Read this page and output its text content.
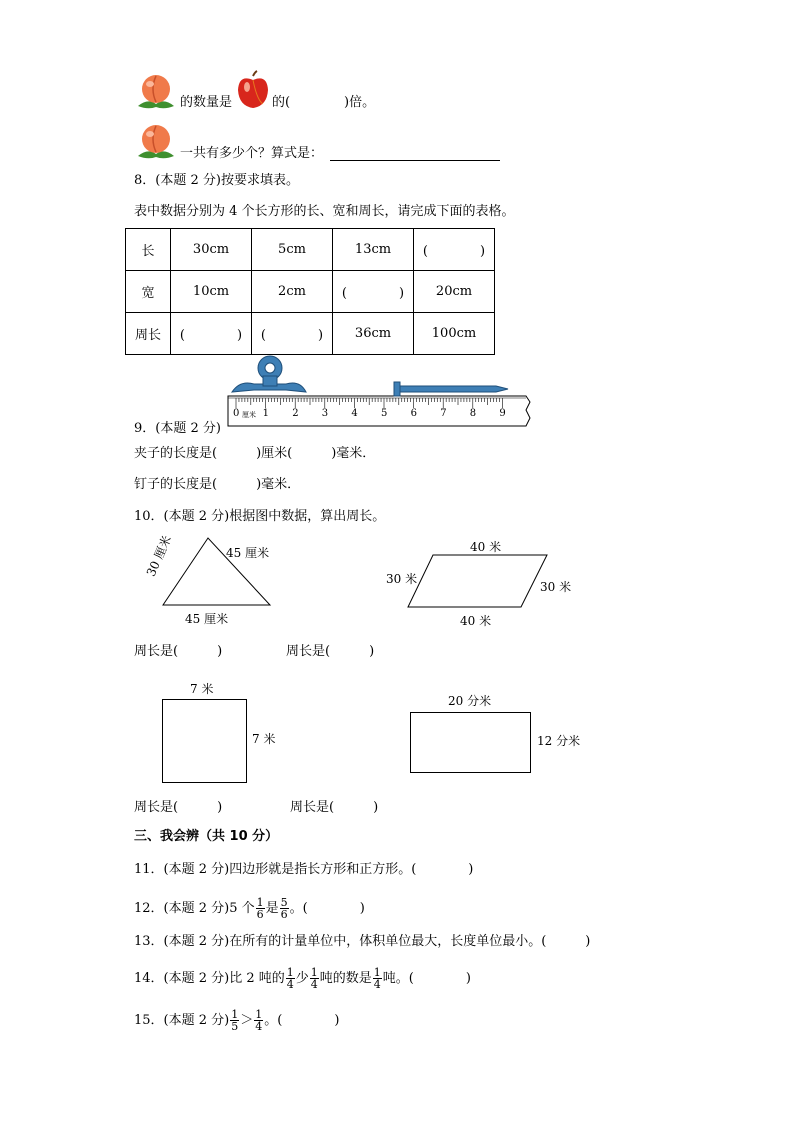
的数量是	的(	)倍。
一共有多少个？算式是：
8．(本题 2 分)按要求填表。
表中数据分别为 4 个长方形的长、宽和周长，请完成下面的表格。
长	30cm	5cm	13cm	(　　　　)
宽	10cm	2cm	(　　　　)	20cm
周长	(　　　　)	(　　　　)	36cm	100cm
0 1 2 3 4 5 6 7 8 9
厘米
9．(本题 2 分)
夹子的长度是(　　　)厘米(　　　)毫米．
钉子的长度是(　　　)毫米．
10．(本题 2 分)根据图中数据，算出周长。
30 厘米	45 厘米
45 厘米
40 米
40 米
30 米
30 米
周长是(　　　)	周长是(　　　)
7 米
7 米
20 分米
12 分米
周长是(　　　)	周长是(　　　)
三、我会辨（共 10 分）
11．(本题 2 分)四边形就是指长方形和正方形。(　　　　)
12．(本题 2 分)5 个 $\frac{1}{6}$ 是 $\frac{5}{6}$ 。(　　　　)
13．(本题 2 分)在所有的计量单位中，体积单位最大，长度单位最小。(　　　)
14．(本题 2 分)比 2 吨的 $\frac{1}{4}$ 少 $\frac{1}{4}$ 吨的数是 $\frac{1}{4}$ 吨。(　　　　)
15．(本题 2 分) $\frac{1}{5} > \frac{1}{4}$ 。(　　　　)
